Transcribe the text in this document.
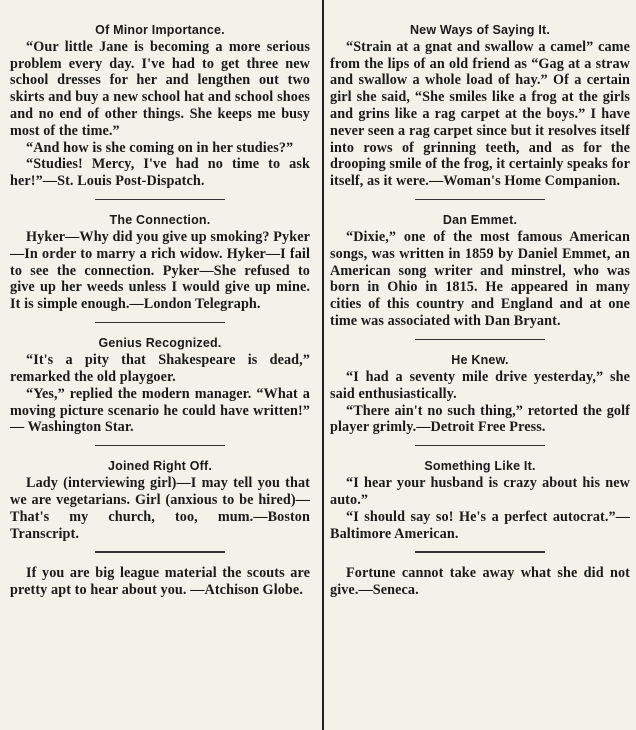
Of Minor Importance.

“Our little Jane is becoming a more serious problem every day. I've had to get three new school dresses for her and lengthen out two skirts and buy a new school hat and school shoes and no end of other things. She keeps me busy most of the time.”

“And how is she coming on in her studies?”

“Studies! Mercy, I've had no time to ask her!”—St. Louis Post-Dispatch.

The Connection.

Hyker—Why did you give up smoking? Pyker—In order to marry a rich widow. Hyker—I fail to see the connection. Pyker—She refused to give up her weeds unless I would give up mine. It is simple enough.—London Telegraph.

Genius Recognized.

“It's a pity that Shakespeare is dead,” remarked the old playgoer.

“Yes,” replied the modern manager. “What a moving picture scenario he could have written!” — Washington Star.

Joined Right Off.

Lady (interviewing girl)—I may tell you that we are vegetarians. Girl (anxious to be hired)—That's my church, too, mum.—Boston Transcript.

If you are big league material the scouts are pretty apt to hear about you. —Atchison Globe.

New Ways of Saying It.

“Strain at a gnat and swallow a camel” came from the lips of an old friend as “Gag at a straw and swallow a whole load of hay.” Of a certain girl she said, “She smiles like a frog at the girls and grins like a rag carpet at the boys.” I have never seen a rag carpet since but it resolves itself into rows of grinning teeth, and as for the drooping smile of the frog, it certainly speaks for itself, as it were.—Woman's Home Companion.

Dan Emmet.

“Dixie,” one of the most famous American songs, was written in 1859 by Daniel Emmet, an American song writer and minstrel, who was born in Ohio in 1815. He appeared in many cities of this country and England and at one time was associated with Dan Bryant.

He Knew.

“I had a seventy mile drive yesterday,” she said enthusiastically.

“There ain't no such thing,” retorted the golf player grimly.—Detroit Free Press.

Something Like It.

“I hear your husband is crazy about his new auto.”

“I should say so! He's a perfect autocrat.”—Baltimore American.

Fortune cannot take away what she did not give.—Seneca.
